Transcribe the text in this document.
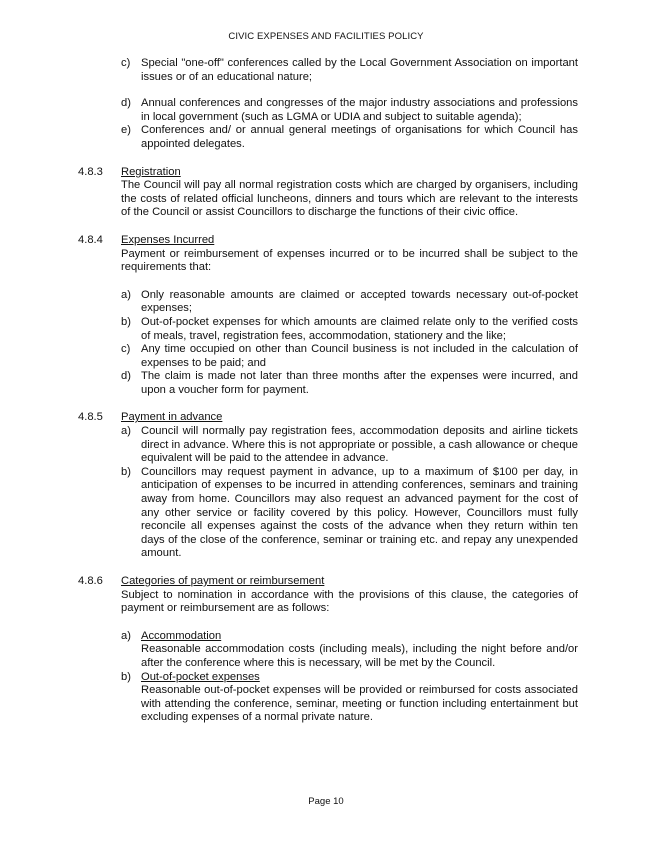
CIVIC EXPENSES AND FACILITIES POLICY
c) Special "one-off" conferences called by the Local Government Association on important issues or of an educational nature;
d) Annual conferences and congresses of the major industry associations and professions in local government (such as LGMA or UDIA and subject to suitable agenda);
e) Conferences and/ or annual general meetings of organisations for which Council has appointed delegates.
4.8.3	Registration

The Council will pay all normal registration costs which are charged by organisers, including the costs of related official luncheons, dinners and tours which are relevant to the interests of the Council or assist Councillors to discharge the functions of their civic office.

4.8.4	Expenses Incurred

Payment or reimbursement of expenses incurred or to be incurred shall be subject to the requirements that:

a) Only reasonable amounts are claimed or accepted towards necessary out-of-pocket expenses;
b) Out-of-pocket expenses for which amounts are claimed relate only to the verified costs of meals, travel, registration fees, accommodation, stationery and the like;
c) Any time occupied on other than Council business is not included in the calculation of expenses to be paid; and
d) The claim is made not later than three months after the expenses were incurred, and upon a voucher form for payment.
4.8.5	Payment in advance

a) Council will normally pay registration fees, accommodation deposits and airline tickets direct in advance. Where this is not appropriate or possible, a cash allowance or cheque equivalent will be paid to the attendee in advance.
b) Councillors may request payment in advance, up to a maximum of $100 per day, in anticipation of expenses to be incurred in attending conferences, seminars and training away from home. Councillors may also request an advanced payment for the cost of any other service or facility covered by this policy. However, Councillors must fully reconcile all expenses against the costs of the advance when they return within ten days of the close of the conference, seminar or training etc. and repay any unexpended amount.
4.8.6	Categories of payment or reimbursement

Subject to nomination in accordance with the provisions of this clause, the categories of payment or reimbursement are as follows:

a) Accommodation
Reasonable accommodation costs (including meals), including the night before and/or after the conference where this is necessary, will be met by the Council.
b) Out-of-pocket expenses
Reasonable out-of-pocket expenses will be provided or reimbursed for costs associated with attending the conference, seminar, meeting or function including entertainment but excluding expenses of a normal private nature.
Page 10
